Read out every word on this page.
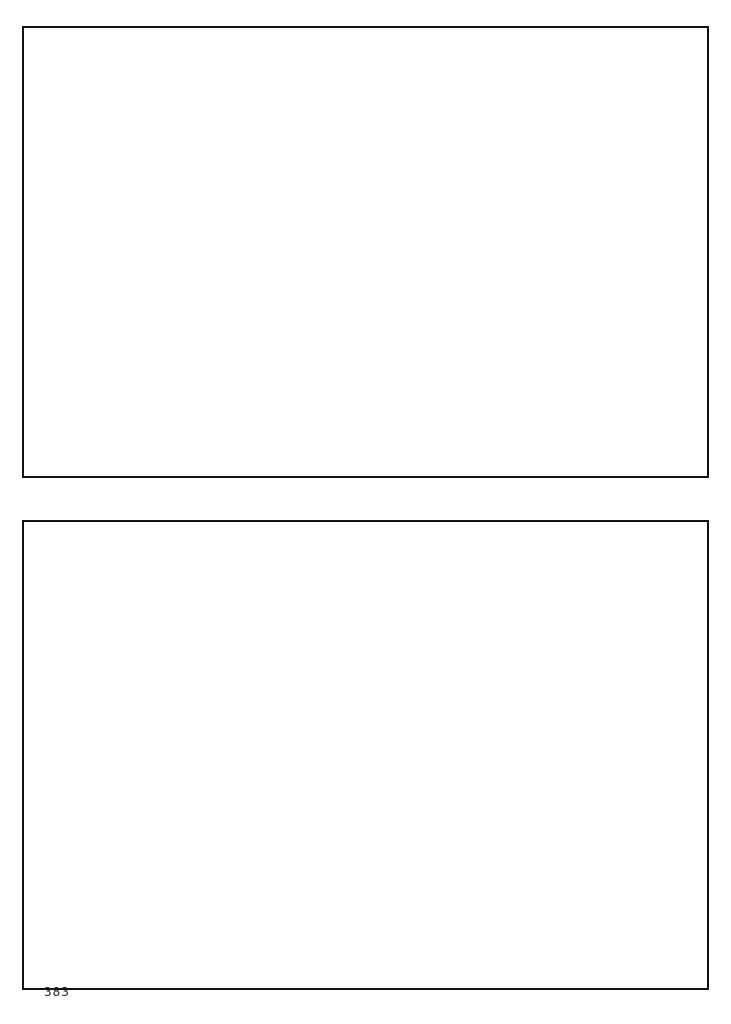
383
